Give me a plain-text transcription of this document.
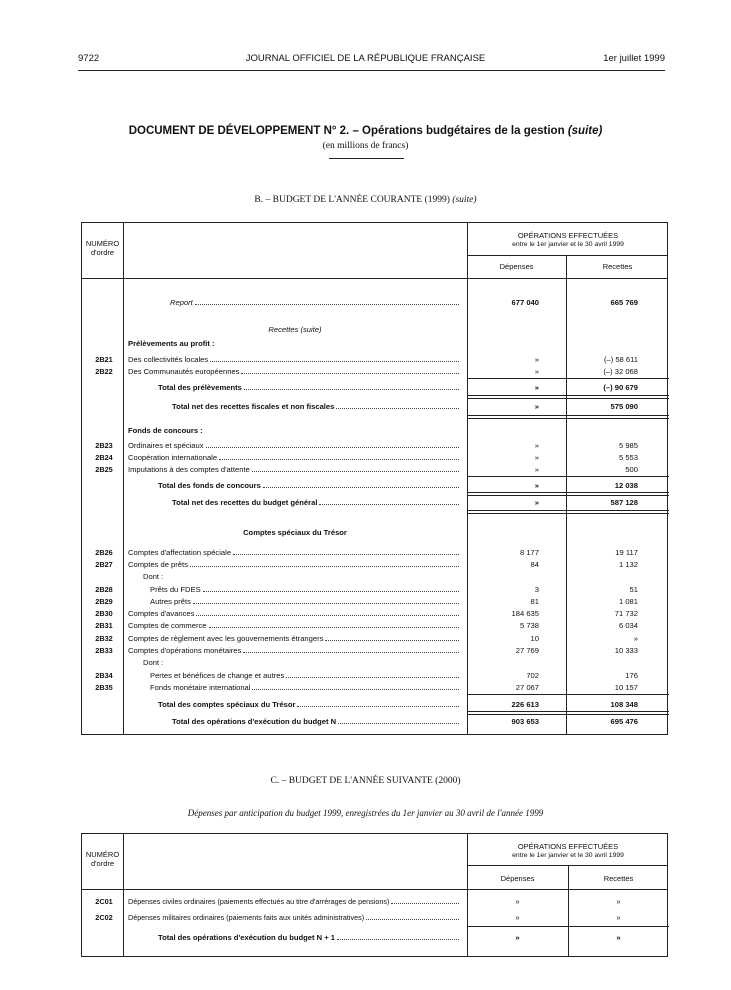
9722	JOURNAL OFFICIEL DE LA RÉPUBLIQUE FRANÇAISE	1er juillet 1999
DOCUMENT DE DÉVELOPPEMENT N° 2. – Opérations budgétaires de la gestion (suite)
(en millions de francs)
B. – BUDGET DE L'ANNÉE COURANTE (1999) (suite)
NUMÉRO d'ordre
OPÉRATIONS EFFECTUÉES
entre le 1er janvier et le 30 avril 1999
Dépenses	Recettes
Report	677 040	665 769
Recettes (suite)
Prélèvements au profit :
2B21	Des collectivités locales	»	(–) 58 611
2B22	Des Communautés européennes	»	(–) 32 068
Total des prélèvements	»	(–) 90 679
Total net des recettes fiscales et non fiscales	»	575 090
Fonds de concours :
2B23	Ordinaires et spéciaux	»	5 985
2B24	Coopération internationale	»	5 553
2B25	Imputations à des comptes d'attente	»	500
Total des fonds de concours	»	12 038
Total net des recettes du budget général	»	587 128
Comptes spéciaux du Trésor
2B26	Comptes d'affectation spéciale	8 177	19 117
2B27	Comptes de prêts	84	1 132
Dont :
2B28	Prêts du FDES	3	51
2B29	Autres prêts	81	1 081
2B30	Comptes d'avances	184 635	71 732
2B31	Comptes de commerce	5 738	6 034
2B32	Comptes de règlement avec les gouvernements étrangers	10	»
2B33	Comptes d'opérations monétaires	27 769	10 333
Dont :
2B34	Pertes et bénéfices de change et autres	702	176
2B35	Fonds monétaire international	27 067	10 157
Total des comptes spéciaux du Trésor	226 613	108 348
Total des opérations d'exécution du budget N	903 653	695 476
C. – BUDGET DE L'ANNÉE SUIVANTE (2000)
Dépenses par anticipation du budget 1999, enregistrées du 1er janvier au 30 avril de l'année 1999
NUMÉRO d'ordre
OPÉRATIONS EFFECTUÉES
entre le 1er janvier et le 30 avril 1999
Dépenses	Recettes
2C01	Dépenses civiles ordinaires (paiements effectués au titre d'arrérages de pensions)	»	»
2C02	Dépenses militaires ordinaires (paiements faits aux unités administratives)	»	»
Total des opérations d'exécution du budget N + 1	»	»
